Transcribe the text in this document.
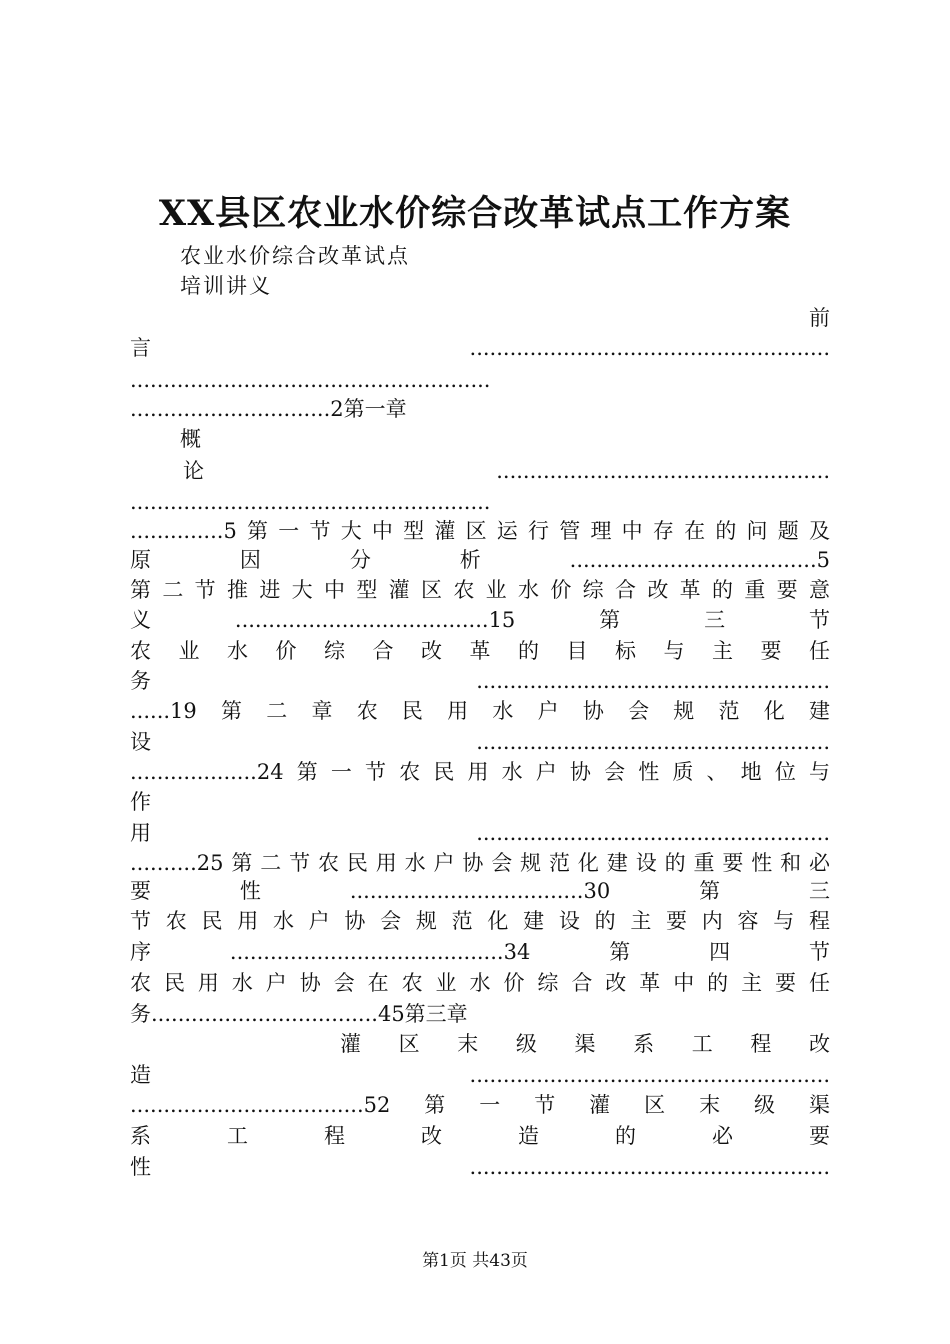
XX县区农业水价综合改革试点工作方案
农业水价综合改革试点
培训讲义
前
言......................................................
......................................................
..............................2第一章
概
论..................................................
......................................................
..............5第一节大中型灌区运行管理中存在的问题及
原因分析.....................................5
第二节推进大中型灌区农业水价综合改革的重要意
义......................................15第三节
农业水价综合改革的目标与主要任
务.....................................................
......19第二章农民用水户协会规范化建
设.....................................................
...................24第一节农民用水户协会性质、地位与
作
用.....................................................
..........25第二节农民用水户协会规范化建设的重要性和必
要性...................................30第三
节农民用水户协会规范化建设的主要内容与程
序.........................................34第四节
农民用水户协会在农业水价综合改革中的主要任
务..................................45第三章
灌区末级渠系工程改
造......................................................
...................................52第一节灌区末级渠
系工程改造的必要
性......................................................
第1页 共43页
